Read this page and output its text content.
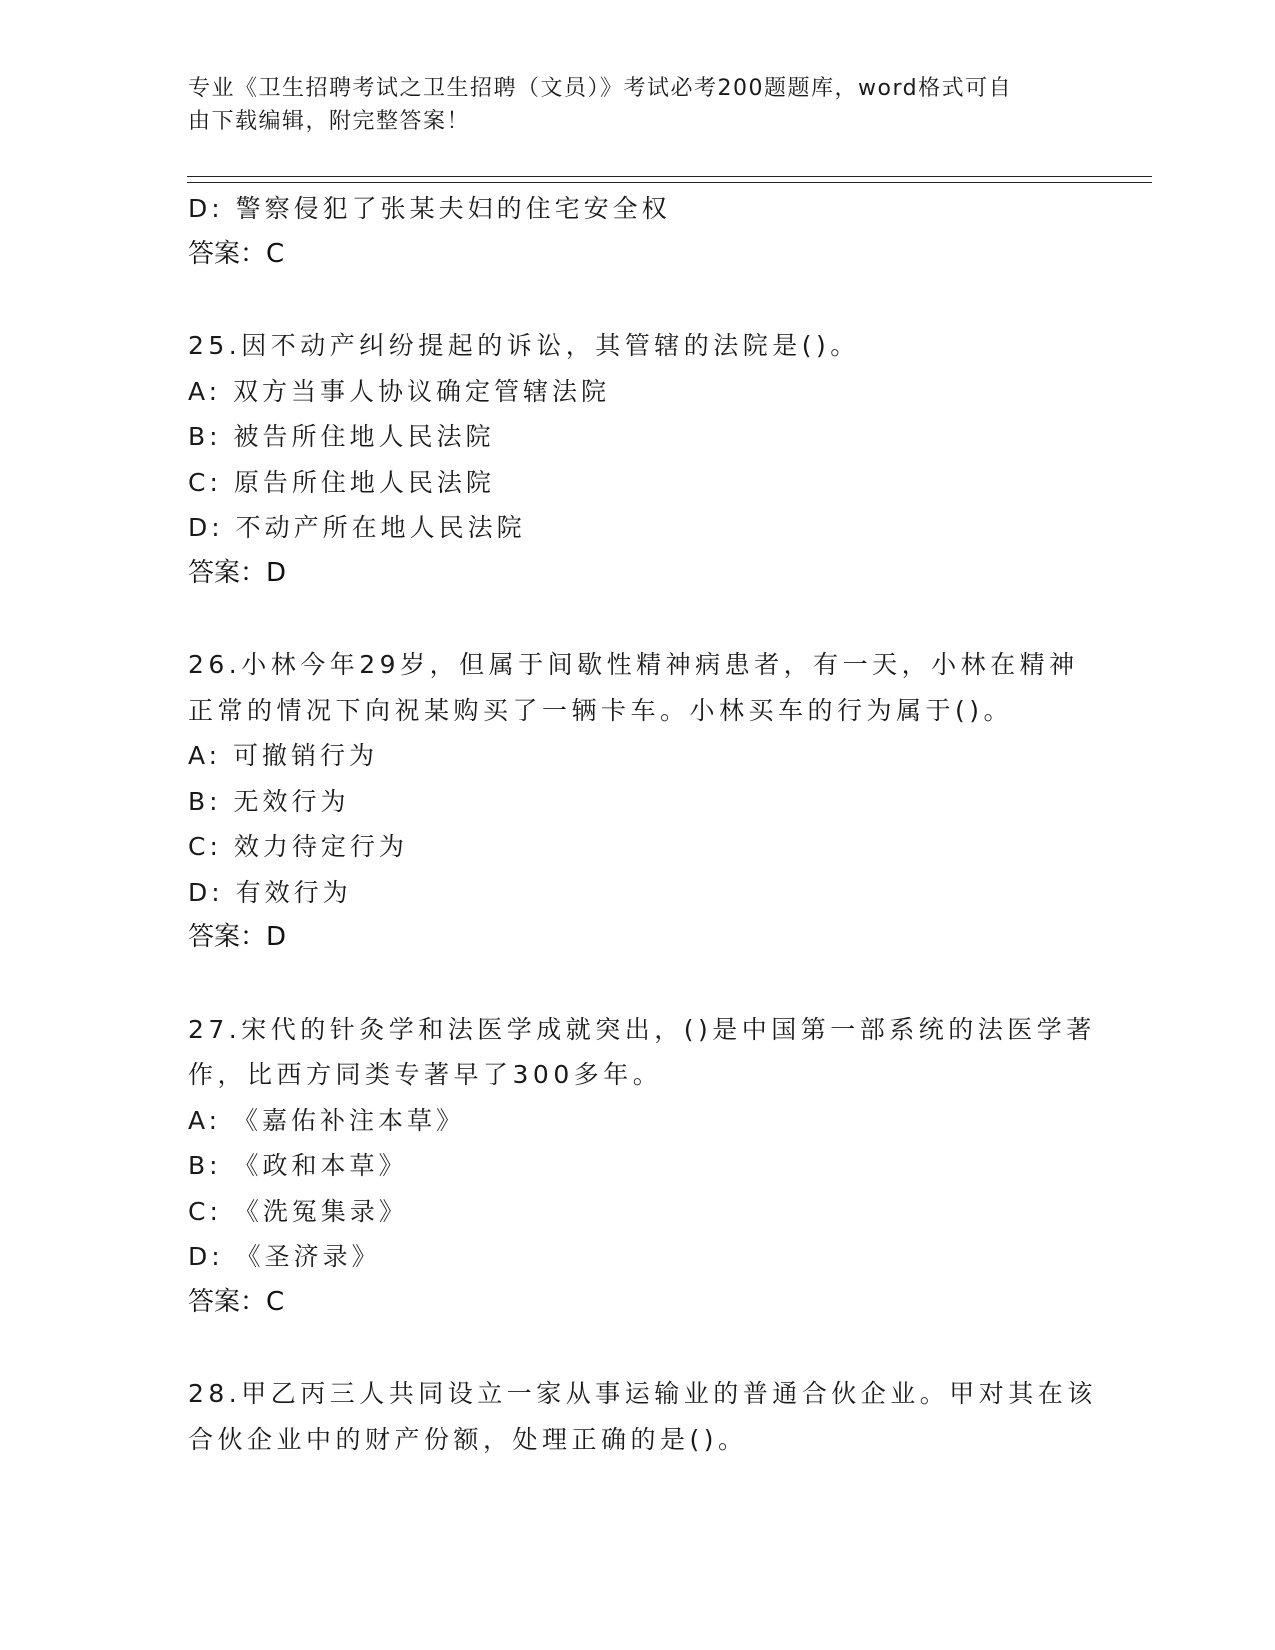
专业《卫生招聘考试之卫生招聘（文员）》考试必考200题题库，word格式可自
由下载编辑，附完整答案！
D: 警察侵犯了张某夫妇的住宅安全权
答案：C
25.因不动产纠纷提起的诉讼，其管辖的法院是()。
A: 双方当事人协议确定管辖法院
B: 被告所住地人民法院
C: 原告所住地人民法院
D: 不动产所在地人民法院
答案：D
26.小林今年29岁，但属于间歇性精神病患者，有一天，小林在精神
正常的情况下向祝某购买了一辆卡车。小林买车的行为属于()。
A: 可撤销行为
B: 无效行为
C: 效力待定行为
D: 有效行为
答案：D
27.宋代的针灸学和法医学成就突出，()是中国第一部系统的法医学著
作，比西方同类专著早了300多年。
A: 《嘉佑补注本草》
B: 《政和本草》
C: 《洗冤集录》
D: 《圣济录》
答案：C
28.甲乙丙三人共同设立一家从事运输业的普通合伙企业。甲对其在该
合伙企业中的财产份额，处理正确的是()。
